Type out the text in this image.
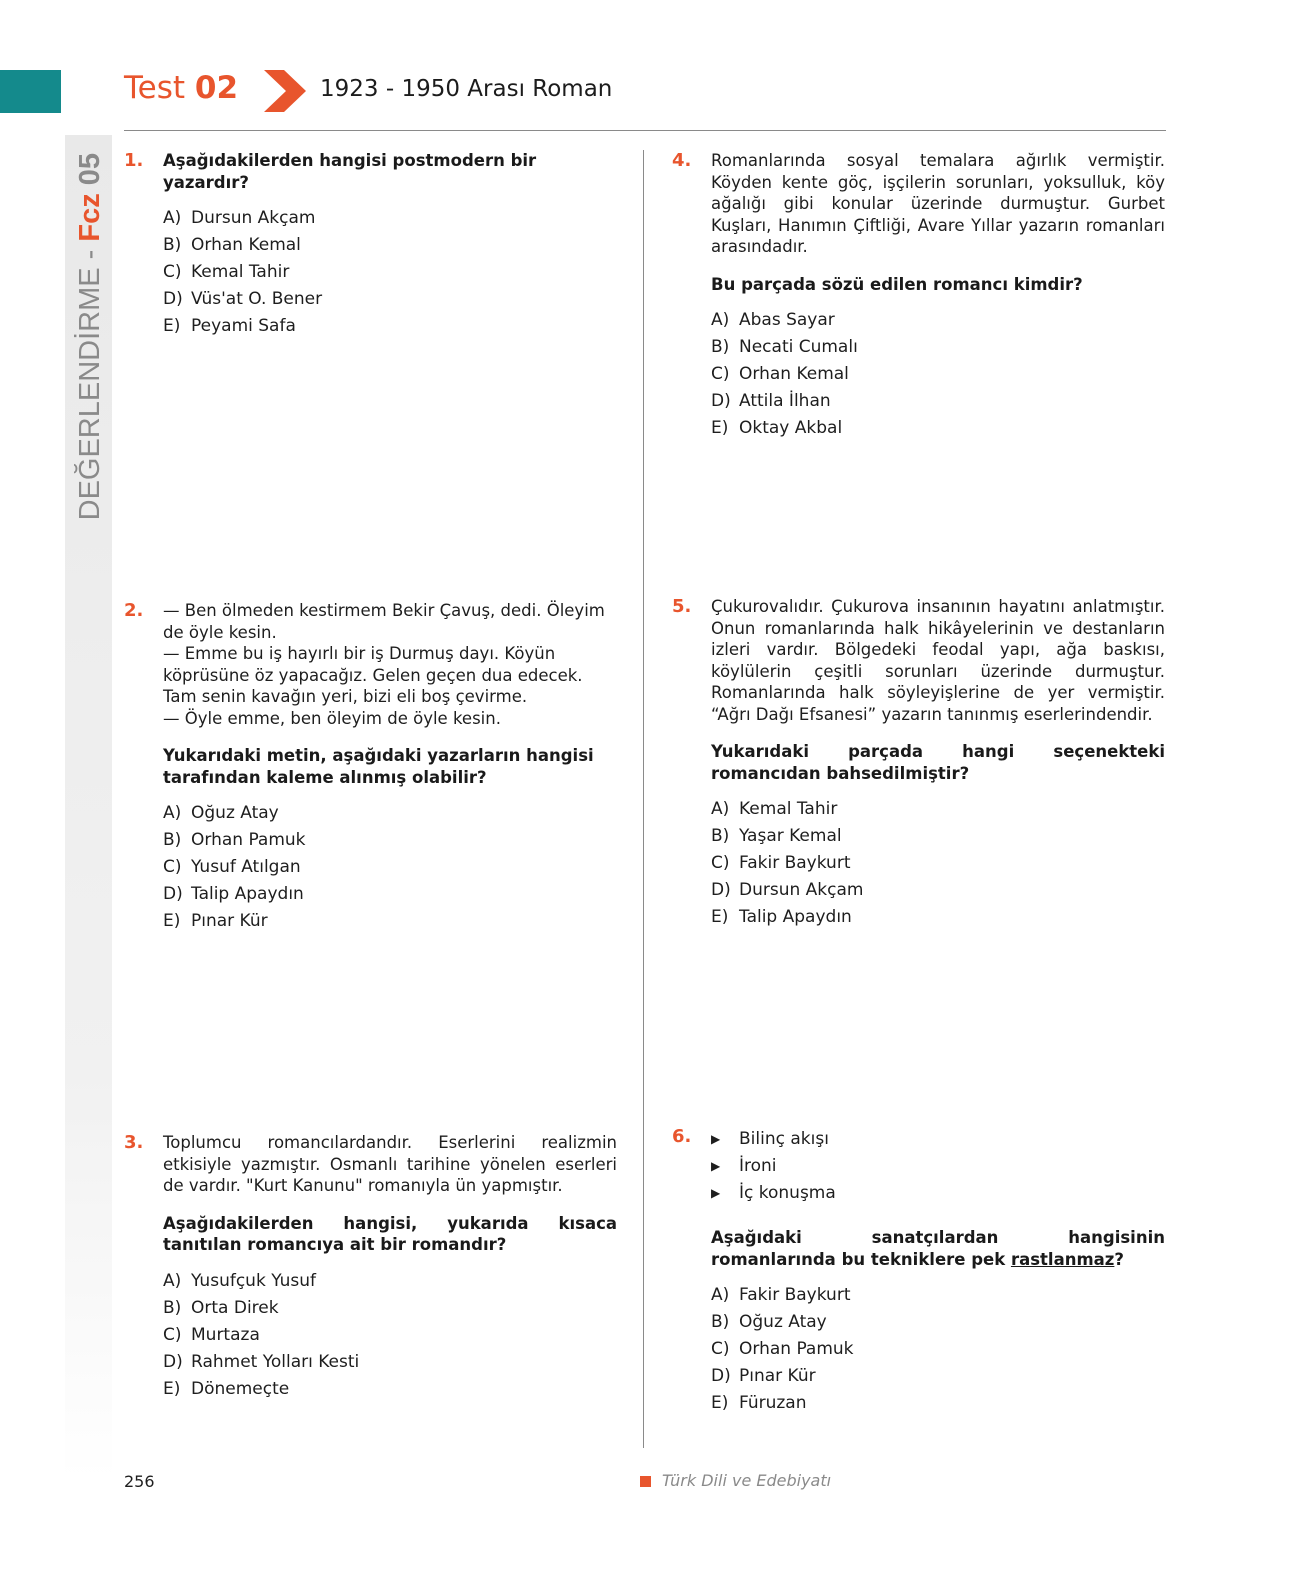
DEĞERLENDİRME - Fcz05
Test 02	1923 - 1950 Arası Roman
1. Aşağıdakilerden hangisi postmodern bir yazardır?

A) Dursun Akçam
B) Orhan Kemal
C) Kemal Tahir
D) Vüs'at O. Bener
E) Peyami Safa
2. — Ben ölmeden kestirmem Bekir Çavuş, dedi. Öleyim de öyle kesin.

— Emme bu iş hayırlı bir iş Durmuş dayı. Köyün köprüsüne öz yapacağız. Gelen geçen dua edecek. Tam senin kavağın yeri, bizi eli boş çevirme.

— Öyle emme, ben öleyim de öyle kesin.

Yukarıdaki metin, aşağıdaki yazarların hangisi tarafından kaleme alınmış olabilir?

A) Oğuz Atay
B) Orhan Pamuk
C) Yusuf Atılgan
D) Talip Apaydın
E) Pınar Kür
3. Toplumcu romancılardandır. Eserlerini realizmin etkisiyle yazmıştır. Osmanlı tarihine yönelen eserleri de vardır. "Kurt Kanunu" romanıyla ün yapmıştır.

Aşağıdakilerden hangisi, yukarıda kısaca tanıtılan romancıya ait bir romandır?

A) Yusufçuk Yusuf
B) Orta Direk
C) Murtaza
D) Rahmet Yolları Kesti
E) Dönemeçte
4. Romanlarında sosyal temalara ağırlık vermiştir. Köyden kente göç, işçilerin sorunları, yoksulluk, köy ağalığı gibi konular üzerinde durmuştur. Gurbet Kuşları, Hanımın Çiftliği, Avare Yıllar yazarın romanları arasındadır.

Bu parçada sözü edilen romancı kimdir?

A) Abas Sayar
B) Necati Cumalı
C) Orhan Kemal
D) Attila İlhan
E) Oktay Akbal
5. Çukurovalıdır. Çukurova insanının hayatını anlatmıştır. Onun romanlarında halk hikâyelerinin ve destanların izleri vardır. Bölgedeki feodal yapı, ağa baskısı, köylülerin çeşitli sorunları üzerinde durmuştur. Romanlarında halk söyleyişlerine de yer vermiştir. “Ağrı Dağı Efsanesi” yazarın tanınmış eserlerindendir.

Yukarıdaki parçada hangi seçenekteki romancıdan bahsedilmiştir?

A) Kemal Tahir
B) Yaşar Kemal
C) Fakir Baykurt
D) Dursun Akçam
E) Talip Apaydın
6. ▶	Bilinç akışı
▶	İroni
▶	İç konuşma

Aşağıdaki sanatçılardan hangisinin romanlarında bu tekniklere pek rastlanmaz?

A) Fakir Baykurt
B) Oğuz Atay
C) Orhan Pamuk
D) Pınar Kür
E) Füruzan
256	Türk Dili ve Edebiyatı
